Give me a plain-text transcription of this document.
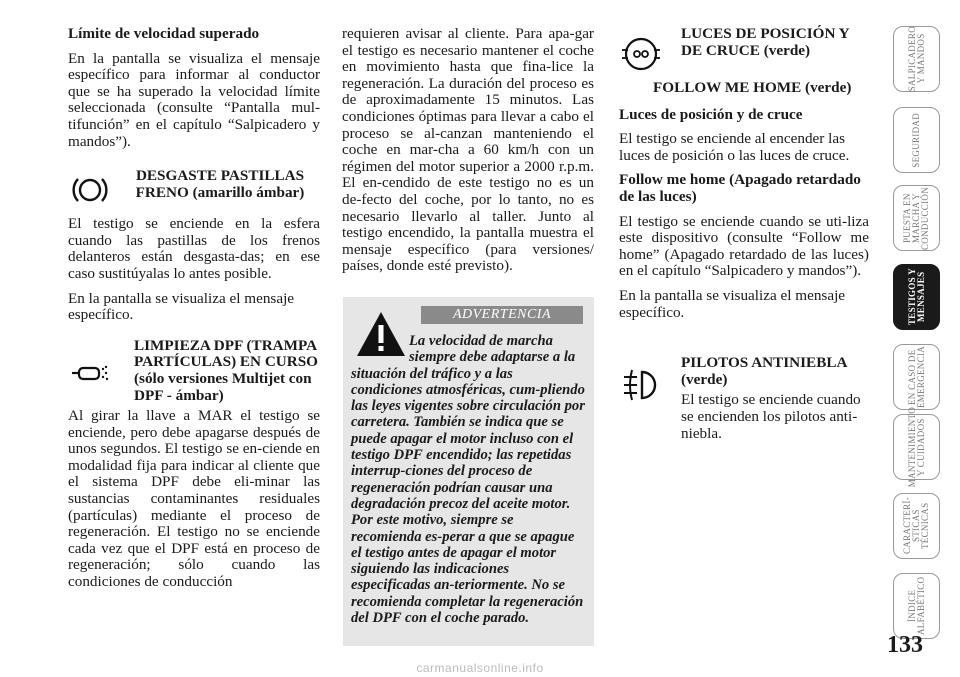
Límite de velocidad superado

En la pantalla se visualiza el mensaje específico para informar al conductor que se ha superado la velocidad límite seleccionada (consulte “Pantalla mul-tifunción” en el capítulo “Salpicadero y mandos”).

DESGASTE PASTILLAS FRENO (amarillo ámbar)

El testigo se enciende en la esfera cuando las pastillas de los frenos delanteros están desgasta-das; en ese caso sustitúyalas lo antes posible.

En la pantalla se visualiza el mensaje específico.

LIMPIEZA DPF (TRAMPA PARTÍCULAS) EN CURSO (sólo versiones Multijet con DPF - ámbar)

Al girar la llave a MAR el testigo se enciende, pero debe apagarse después de unos segundos. El testigo se en-ciende en modalidad fija para indicar al cliente que el sistema DPF debe eli-minar las sustancias contaminantes residuales (partículas) mediante el proceso de regeneración. El testigo no se enciende cada vez que el DPF está en proceso de regeneración; sólo cuando las condiciones de conducción

requieren avisar al cliente. Para apa-gar el testigo es necesario mantener el coche en movimiento hasta que fina-lice la regeneración. La duración del proceso es de aproximadamente 15 minutos. Las condiciones óptimas para llevar a cabo el proceso se al-canzan manteniendo el coche en mar-cha a 60 km/h con un régimen del motor superior a 2000 r.p.m. El en-cendido de este testigo no es un de-fecto del coche, por lo tanto, no es necesario llevarlo al taller. Junto al testigo encendido, la pantalla muestra el mensaje específico (para versiones/ países, donde esté previsto).

ADVERTENCIA
La velocidad de marcha siempre debe adaptarse a la situación del tráfico y a las condiciones atmosféricas, cum-pliendo las leyes vigentes sobre circulación por carretera. También se indica que se puede apagar el motor incluso con el testigo DPF encendido; las repetidas interrup-ciones del proceso de regeneración podrían causar una degradación precoz del aceite motor. Por este motivo, siempre se recomienda es-perar a que se apague el testigo antes de apagar el motor siguiendo las indicaciones especificadas an-teriormente. No se recomienda completar la regeneración del DPF con el coche parado.
LUCES DE POSICIÓN Y DE CRUCE (verde)

FOLLOW ME HOME (verde)

Luces de posición y de cruce

El testigo se enciende al encender las luces de posición o las luces de cruce.

Follow me home (Apagado retardado de las luces)

El testigo se enciende cuando se uti-liza este dispositivo (consulte “Follow me home” (Apagado retardado de las luces) en el capítulo “Salpicadero y mandos”).

En la pantalla se visualiza el mensaje específico.

PILOTOS ANTINIEBLA (verde)
El testigo se enciende cuando se encienden los pilotos anti-niebla.
SALPICADERO Y MANDOS
SEGURIDAD
PUESTA EN MARCHA Y CONDUCCIÓN
TESTIGOS Y MENSAJES
EN CASO DE EMERGENCIA
MANTENIMIENTO Y CUIDADOS
CARACTERÍ-STICAS TÉCNICAS
ÍNDICE ALFABÉTICO
133
carmanualsonline.info
